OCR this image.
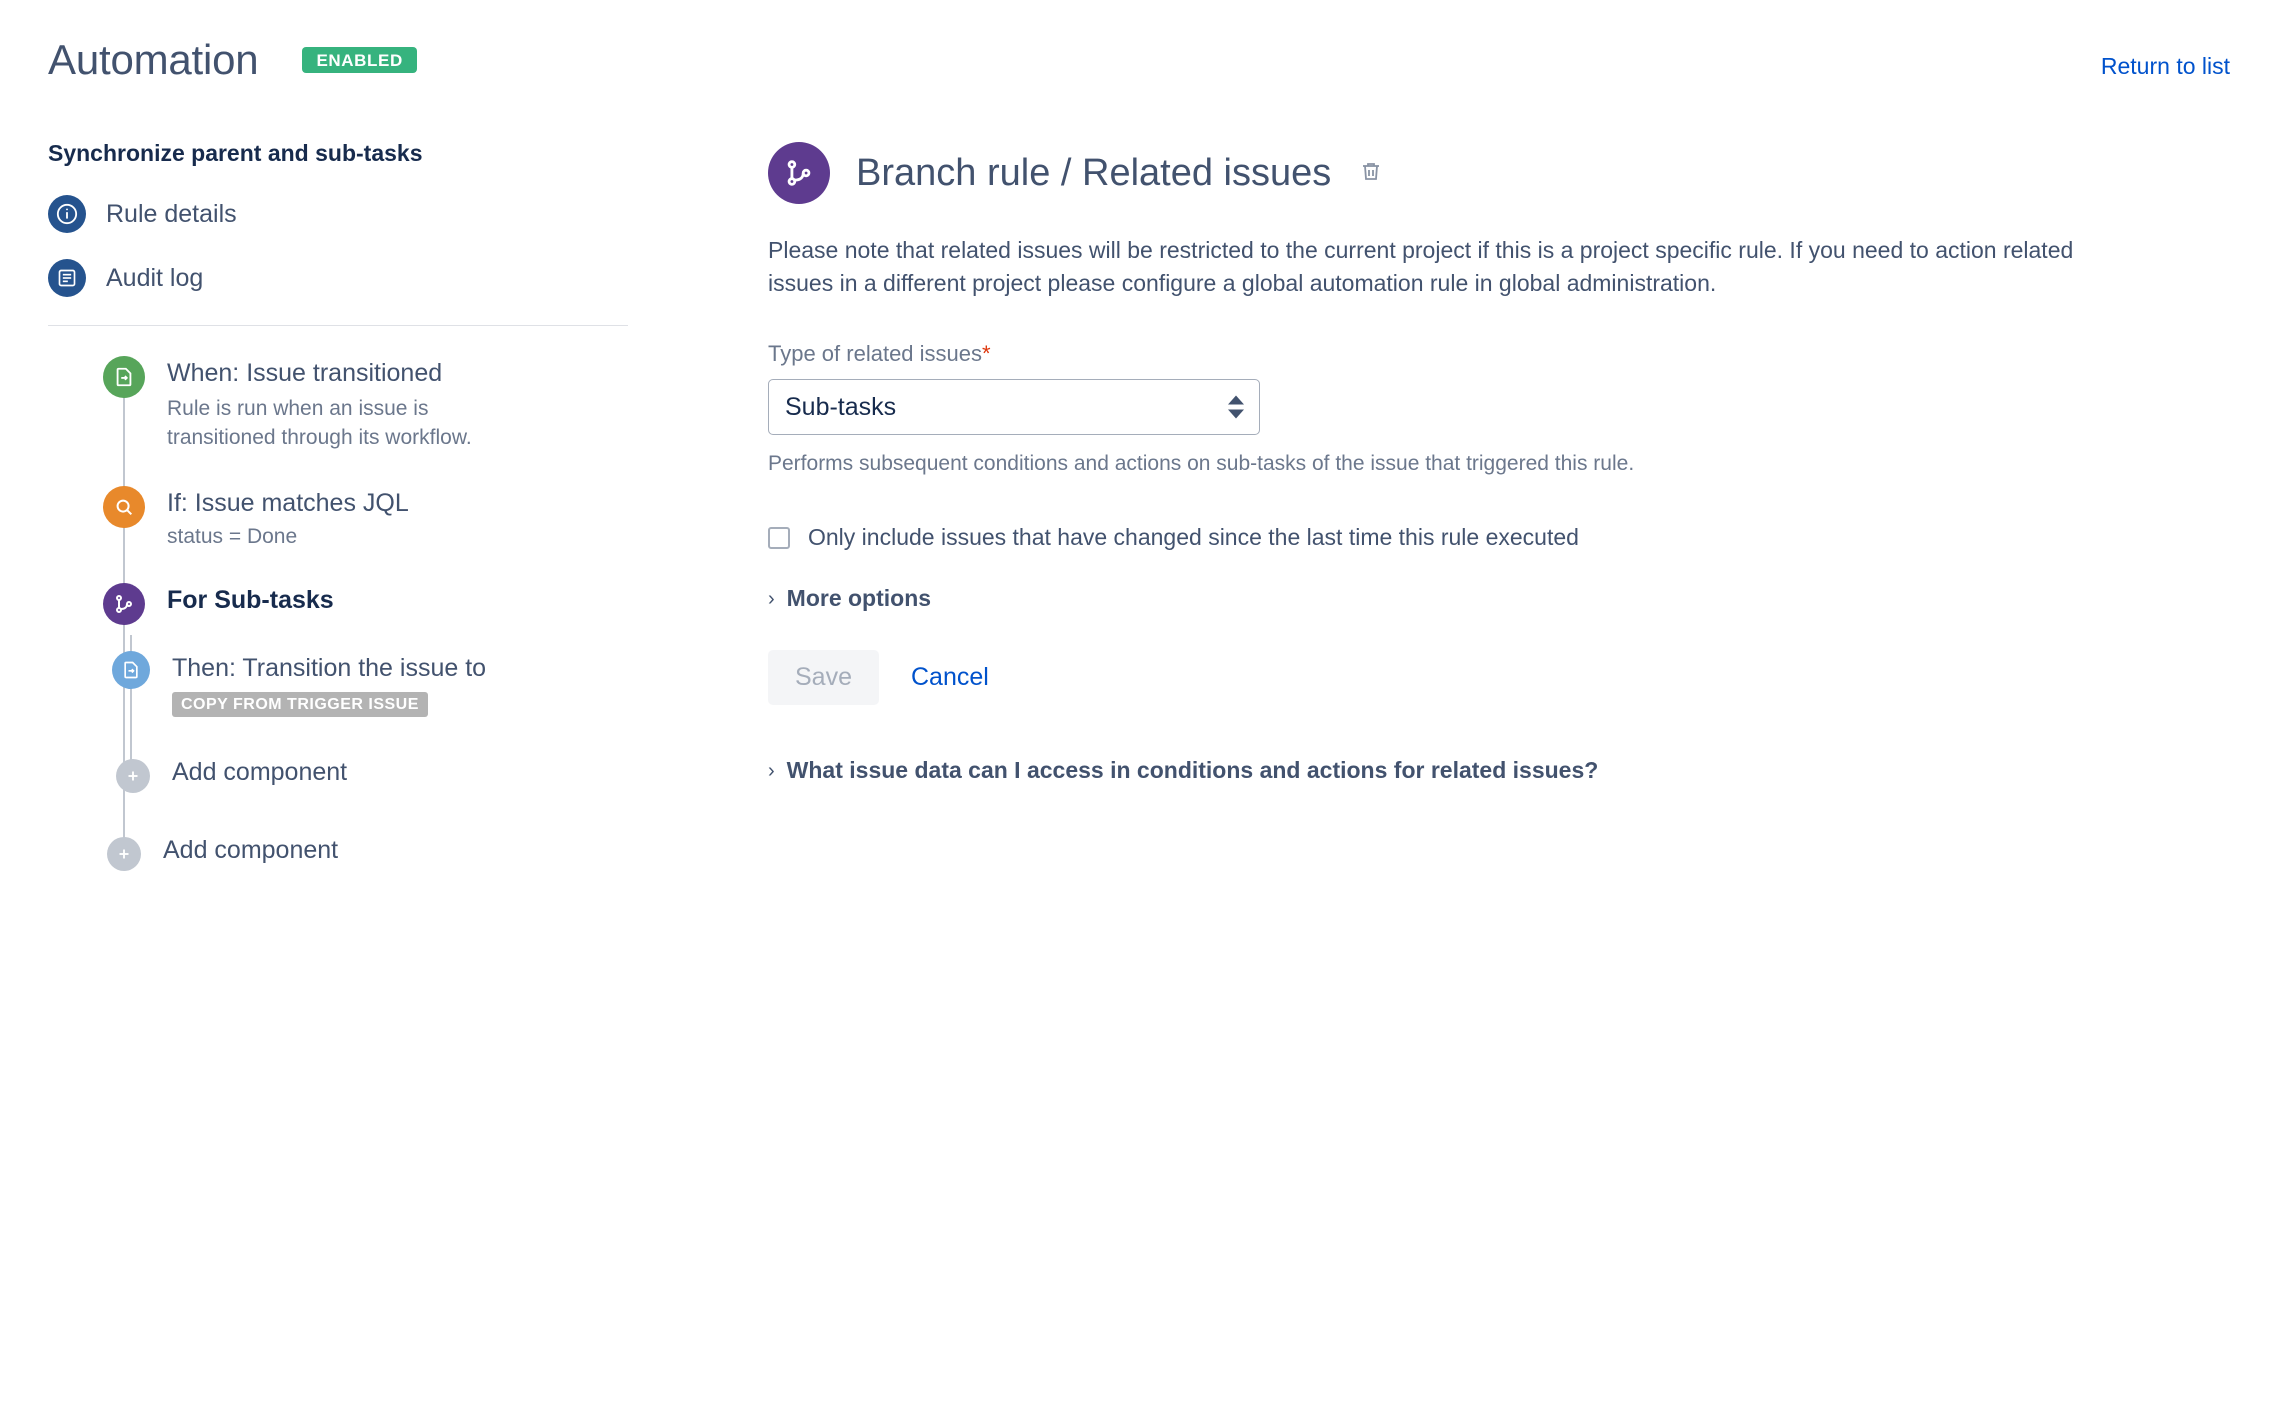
Automation	ENABLED	Return to list
Synchronize parent and sub-tasks
Rule details
Audit log
When: Issue transitioned
Rule is run when an issue is transitioned through its workflow.
If: Issue matches JQL
status = Done
For Sub-tasks
Then: Transition the issue to
COPY FROM TRIGGER ISSUE
Add component
Add component
Branch rule / Related issues
Please note that related issues will be restricted to the current project if this is a project specific rule. If you need to action related issues in a different project please configure a global automation rule in global administration.
Type of related issues*
Sub-tasks
Performs subsequent conditions and actions on sub-tasks of the issue that triggered this rule.
Only include issues that have changed since the last time this rule executed
› More options
Save	Cancel
› What issue data can I access in conditions and actions for related issues?
